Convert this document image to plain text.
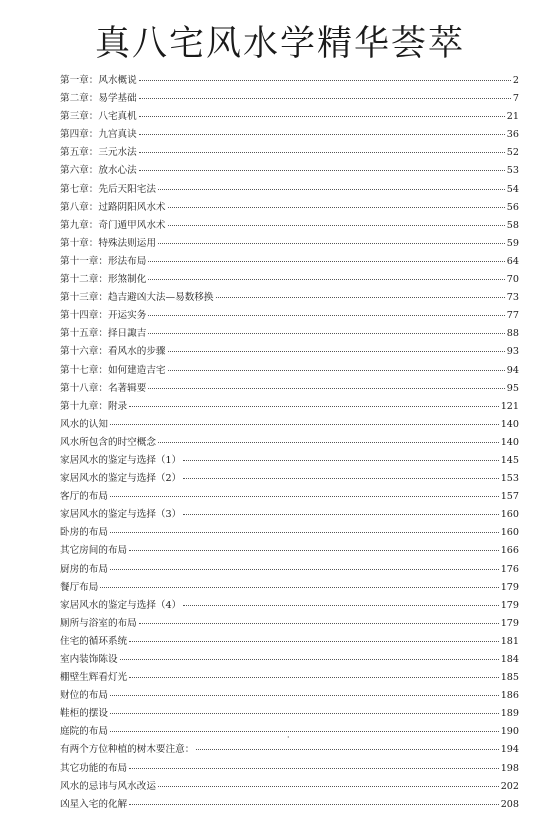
真八宅风水学精华荟萃
第一章：风水概说	2
第二章：易学基础	7
第三章：八宅真机	21
第四章：九宫真诀	36
第五章：三元水法	52
第六章：放水心法	53
第七章：先后天阳宅法	54
第八章：过路阴阳风水术	56
第九章：奇门遁甲风水术	58
第十章：特殊法则运用	59
第十一章：形法布局	64
第十二章：形煞制化	70
第十三章：趋吉避凶大法—易数移换	73
第十四章：开运实务	77
第十五章：择日諏吉	88
第十六章：看风水的步骤	93
第十七章：如何建造吉宅	94
第十八章：名著辑要	95
第十九章：附录	121
风水的认知	140
风水所包含的时空概念	140
家居风水的鉴定与选择（1）	145
家居风水的鉴定与选择（2）	153
客厅的布局	157
家居风水的鉴定与选择（3）	160
卧房的布局	160
其它房间的布局	166
厨房的布局	176
餐厅布局	179
家居风水的鉴定与选择（4）	179
厕所与浴室的布局	179
住宅的循环系统	181
室内装饰陈设	184
棚壁生辉看灯光	185
财位的布局	186
鞋柜的摆设	189
庭院的布局	190
有两个方位种植的树木要注意：	194
其它功能的布局	198
风水的忌讳与风水改运	202
凶星入宅的化解	208
·
